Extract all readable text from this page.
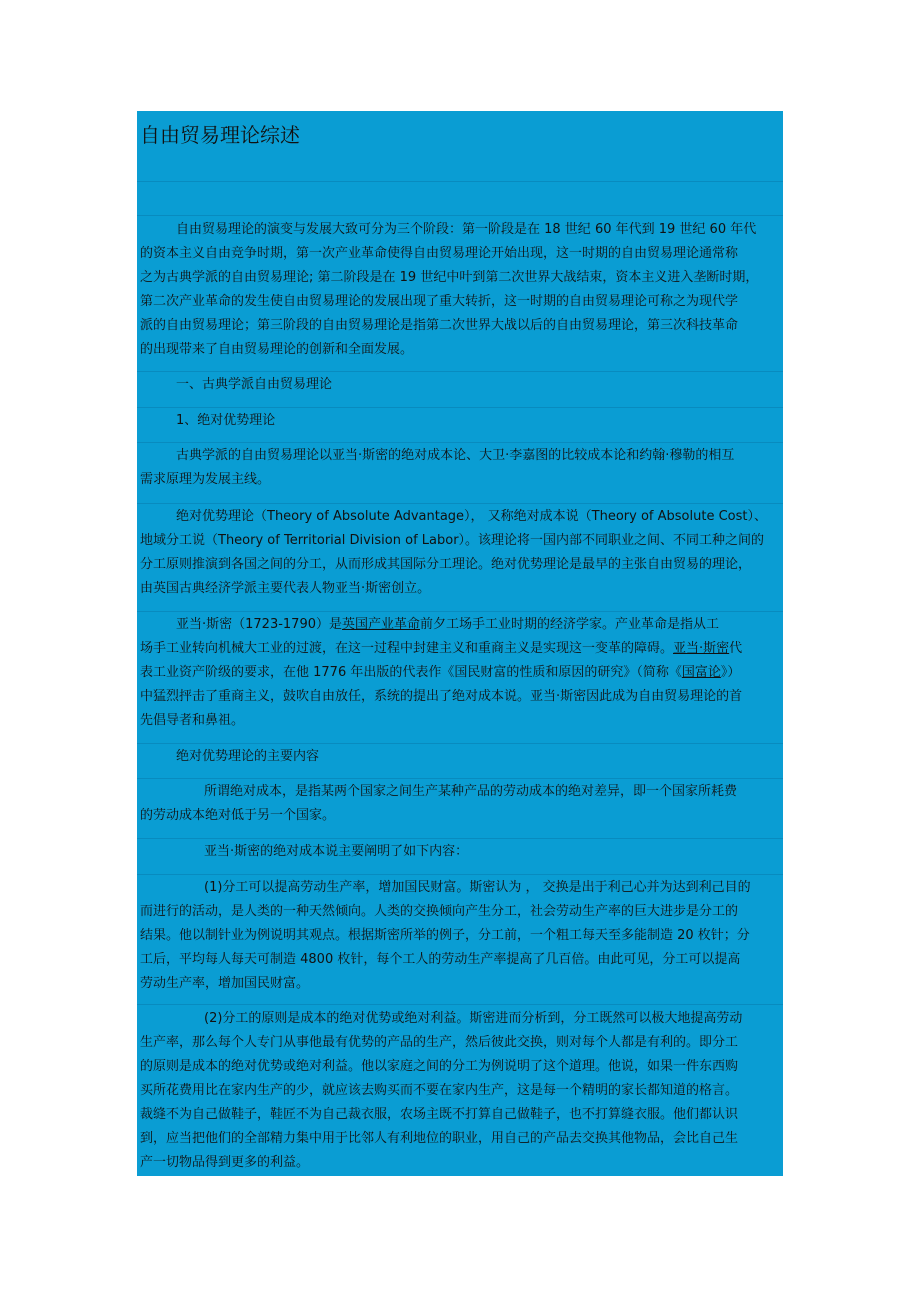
自由贸易理论综述

自由贸易理论的演变与发展大致可分为三个阶段：第一阶段是在 18 世纪 60 年代到 19 世纪 60 年代
的资本主义自由竞争时期，第一次产业革命使得自由贸易理论开始出现，这一时期的自由贸易理论通常称
之为古典学派的自由贸易理论; 第二阶段是在 19 世纪中叶到第二次世界大战结束，资本主义进入垄断时期，
第二次产业革命的发生使自由贸易理论的发展出现了重大转折，这一时期的自由贸易理论可称之为现代学
派的自由贸易理论；第三阶段的自由贸易理论是指第二次世界大战以后的自由贸易理论，第三次科技革命
的出现带来了自由贸易理论的创新和全面发展。

一、古典学派自由贸易理论

1、绝对优势理论

古典学派的自由贸易理论以亚当·斯密的绝对成本论、大卫·李嘉图的比较成本论和约翰·穆勒的相互
需求原理为发展主线。

绝对优势理论（Theory of Absolute Advantage）， 又称绝对成本说（Theory of Absolute Cost）、
地域分工说（Theory of Territorial Division of Labor）。该理论将一国内部不同职业之间、不同工种之间的
分工原则推演到各国之间的分工，从而形成其国际分工理论。绝对优势理论是最早的主张自由贸易的理论，
由英国古典经济学派主要代表人物亚当·斯密创立。

亚当·斯密（1723-1790）是英国产业革命前夕工场手工业时期的经济学家。产业革命是指从工
场手工业转向机械大工业的过渡，在这一过程中封建主义和重商主义是实现这一变革的障碍。亚当·斯密代
表工业资产阶级的要求，在他 1776 年出版的代表作《国民财富的性质和原因的研究》（简称《国富论》）
中猛烈抨击了重商主义，鼓吹自由放任，系统的提出了绝对成本说。亚当·斯密因此成为自由贸易理论的首
先倡导者和鼻祖。

绝对优势理论的主要内容

所谓绝对成本，是指某两个国家之间生产某种产品的劳动成本的绝对差异，即一个国家所耗费
的劳动成本绝对低于另一个国家。

亚当·斯密的绝对成本说主要阐明了如下内容：

(1)分工可以提高劳动生产率，增加国民财富。斯密认为 ， 交换是出于利己心并为达到利己目的
而进行的活动，是人类的一种天然倾向。人类的交换倾向产生分工，社会劳动生产率的巨大进步是分工的
结果。他以制针业为例说明其观点。根据斯密所举的例子，分工前，一个粗工每天至多能制造 20 枚针；分
工后，平均每人每天可制造 4800 枚针，每个工人的劳动生产率提高了几百倍。由此可见，分工可以提高
劳动生产率，增加国民财富。

(2)分工的原则是成本的绝对优势或绝对利益。斯密进而分析到，分工既然可以极大地提高劳动
生产率，那么每个人专门从事他最有优势的产品的生产，然后彼此交换，则对每个人都是有利的。即分工
的原则是成本的绝对优势或绝对利益。他以家庭之间的分工为例说明了这个道理。他说，如果一件东西购
买所花费用比在家内生产的少，就应该去购买而不要在家内生产，这是每一个精明的家长都知道的格言。
裁缝不为自己做鞋子，鞋匠不为自己裁衣服，农场主既不打算自己做鞋子，也不打算缝衣服。他们都认识
到，应当把他们的全部精力集中用于比邻人有利地位的职业，用自己的产品去交换其他物品，会比自己生
产一切物品得到更多的利益。
